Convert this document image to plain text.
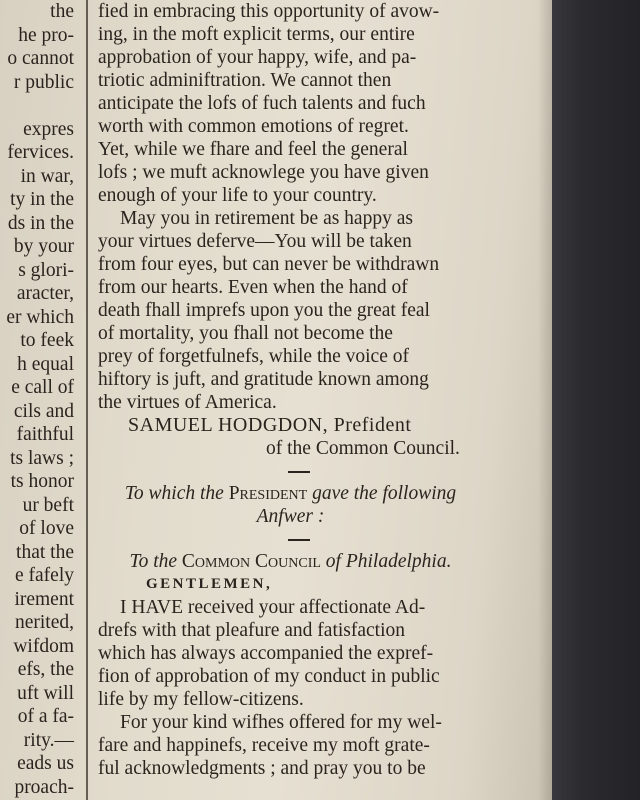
the
he pro-
o cannot
r public
expres
fervices.
in war,
ty in the
ds in the
by your
s glori-
aracter,
er which
to feek
h equal
e call of
cils and
faithful
ts laws ;
ts honor
ur beft
of love
that the
e fafely
irement
nerited,
wifdom
efs, the
uft will
of a fa-
rity.—
eads us
proach-
fied in embracing this opportunity of avow-
ing, in the moft explicit terms, our entire
approbation of your happy, wife, and pa-
triotic adminiftration. We cannot then
anticipate the lofs of fuch talents and fuch
worth with common emotions of regret.
Yet, while we fhare and feel the general
lofs ; we muft acknowlege you have given
enough of your life to your country.
May you in retirement be as happy as
your virtues deferve—You will be taken
from four eyes, but can never be withdrawn
from our hearts. Even when the hand of
death fhall imprefs upon you the great feal
of mortality, you fhall not become the
prey of forgetfulnefs, while the voice of
hiftory is juft, and gratitude known among
the virtues of America.
SAMUEL HODGDON, Prefident
of the Common Council.
To which the President gave the following
Anfwer :
To the Common Council of Philadelphia.
GENTLEMEN,
I HAVE received your affectionate Ad-
drefs with that pleafure and fatisfaction
which has always accompanied the expref-
fion of approbation of my conduct in public
life by my fellow-citizens.
For your kind wifhes offered for my wel-
fare and happinefs, receive my moft grate-
ful acknowledgments ; and pray you to be
